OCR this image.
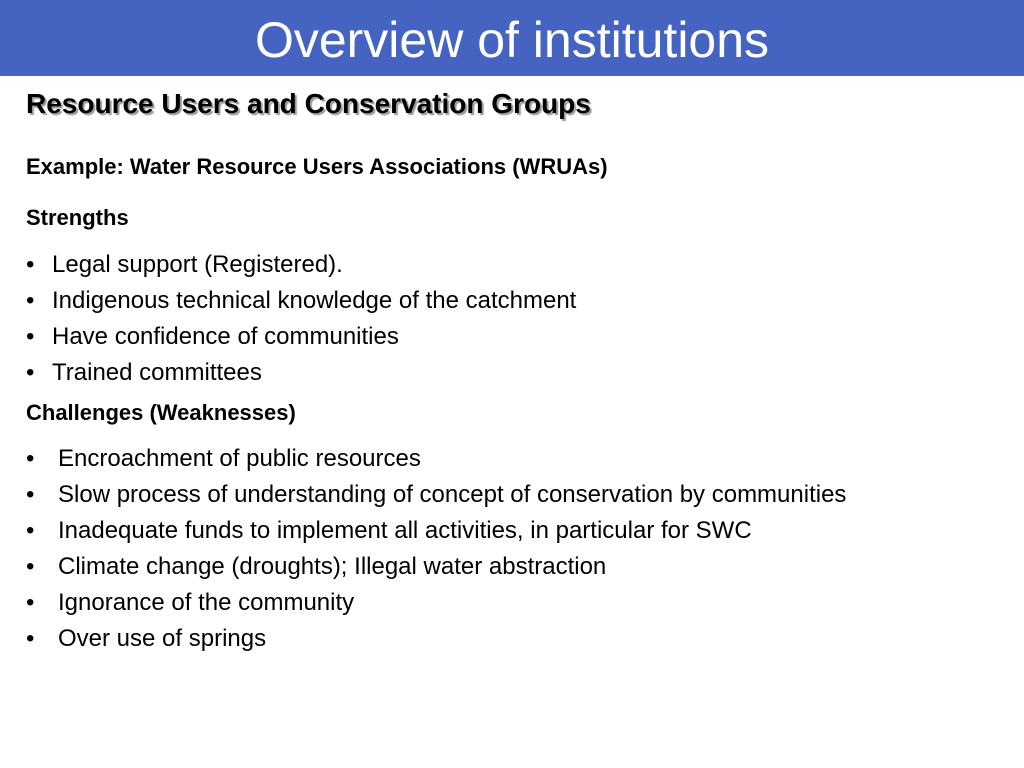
Overview of institutions
Resource Users and Conservation Groups
Example: Water Resource Users Associations (WRUAs)
Strengths
• Legal support (Registered).
• Indigenous technical knowledge of the catchment
• Have confidence of communities
• Trained committees
Challenges (Weaknesses)
• Encroachment of public resources
• Slow process of understanding of concept of conservation by communities
• Inadequate funds to implement all activities, in particular for SWC
• Climate change (droughts); Illegal water abstraction
• Ignorance of the community
• Over use of springs
